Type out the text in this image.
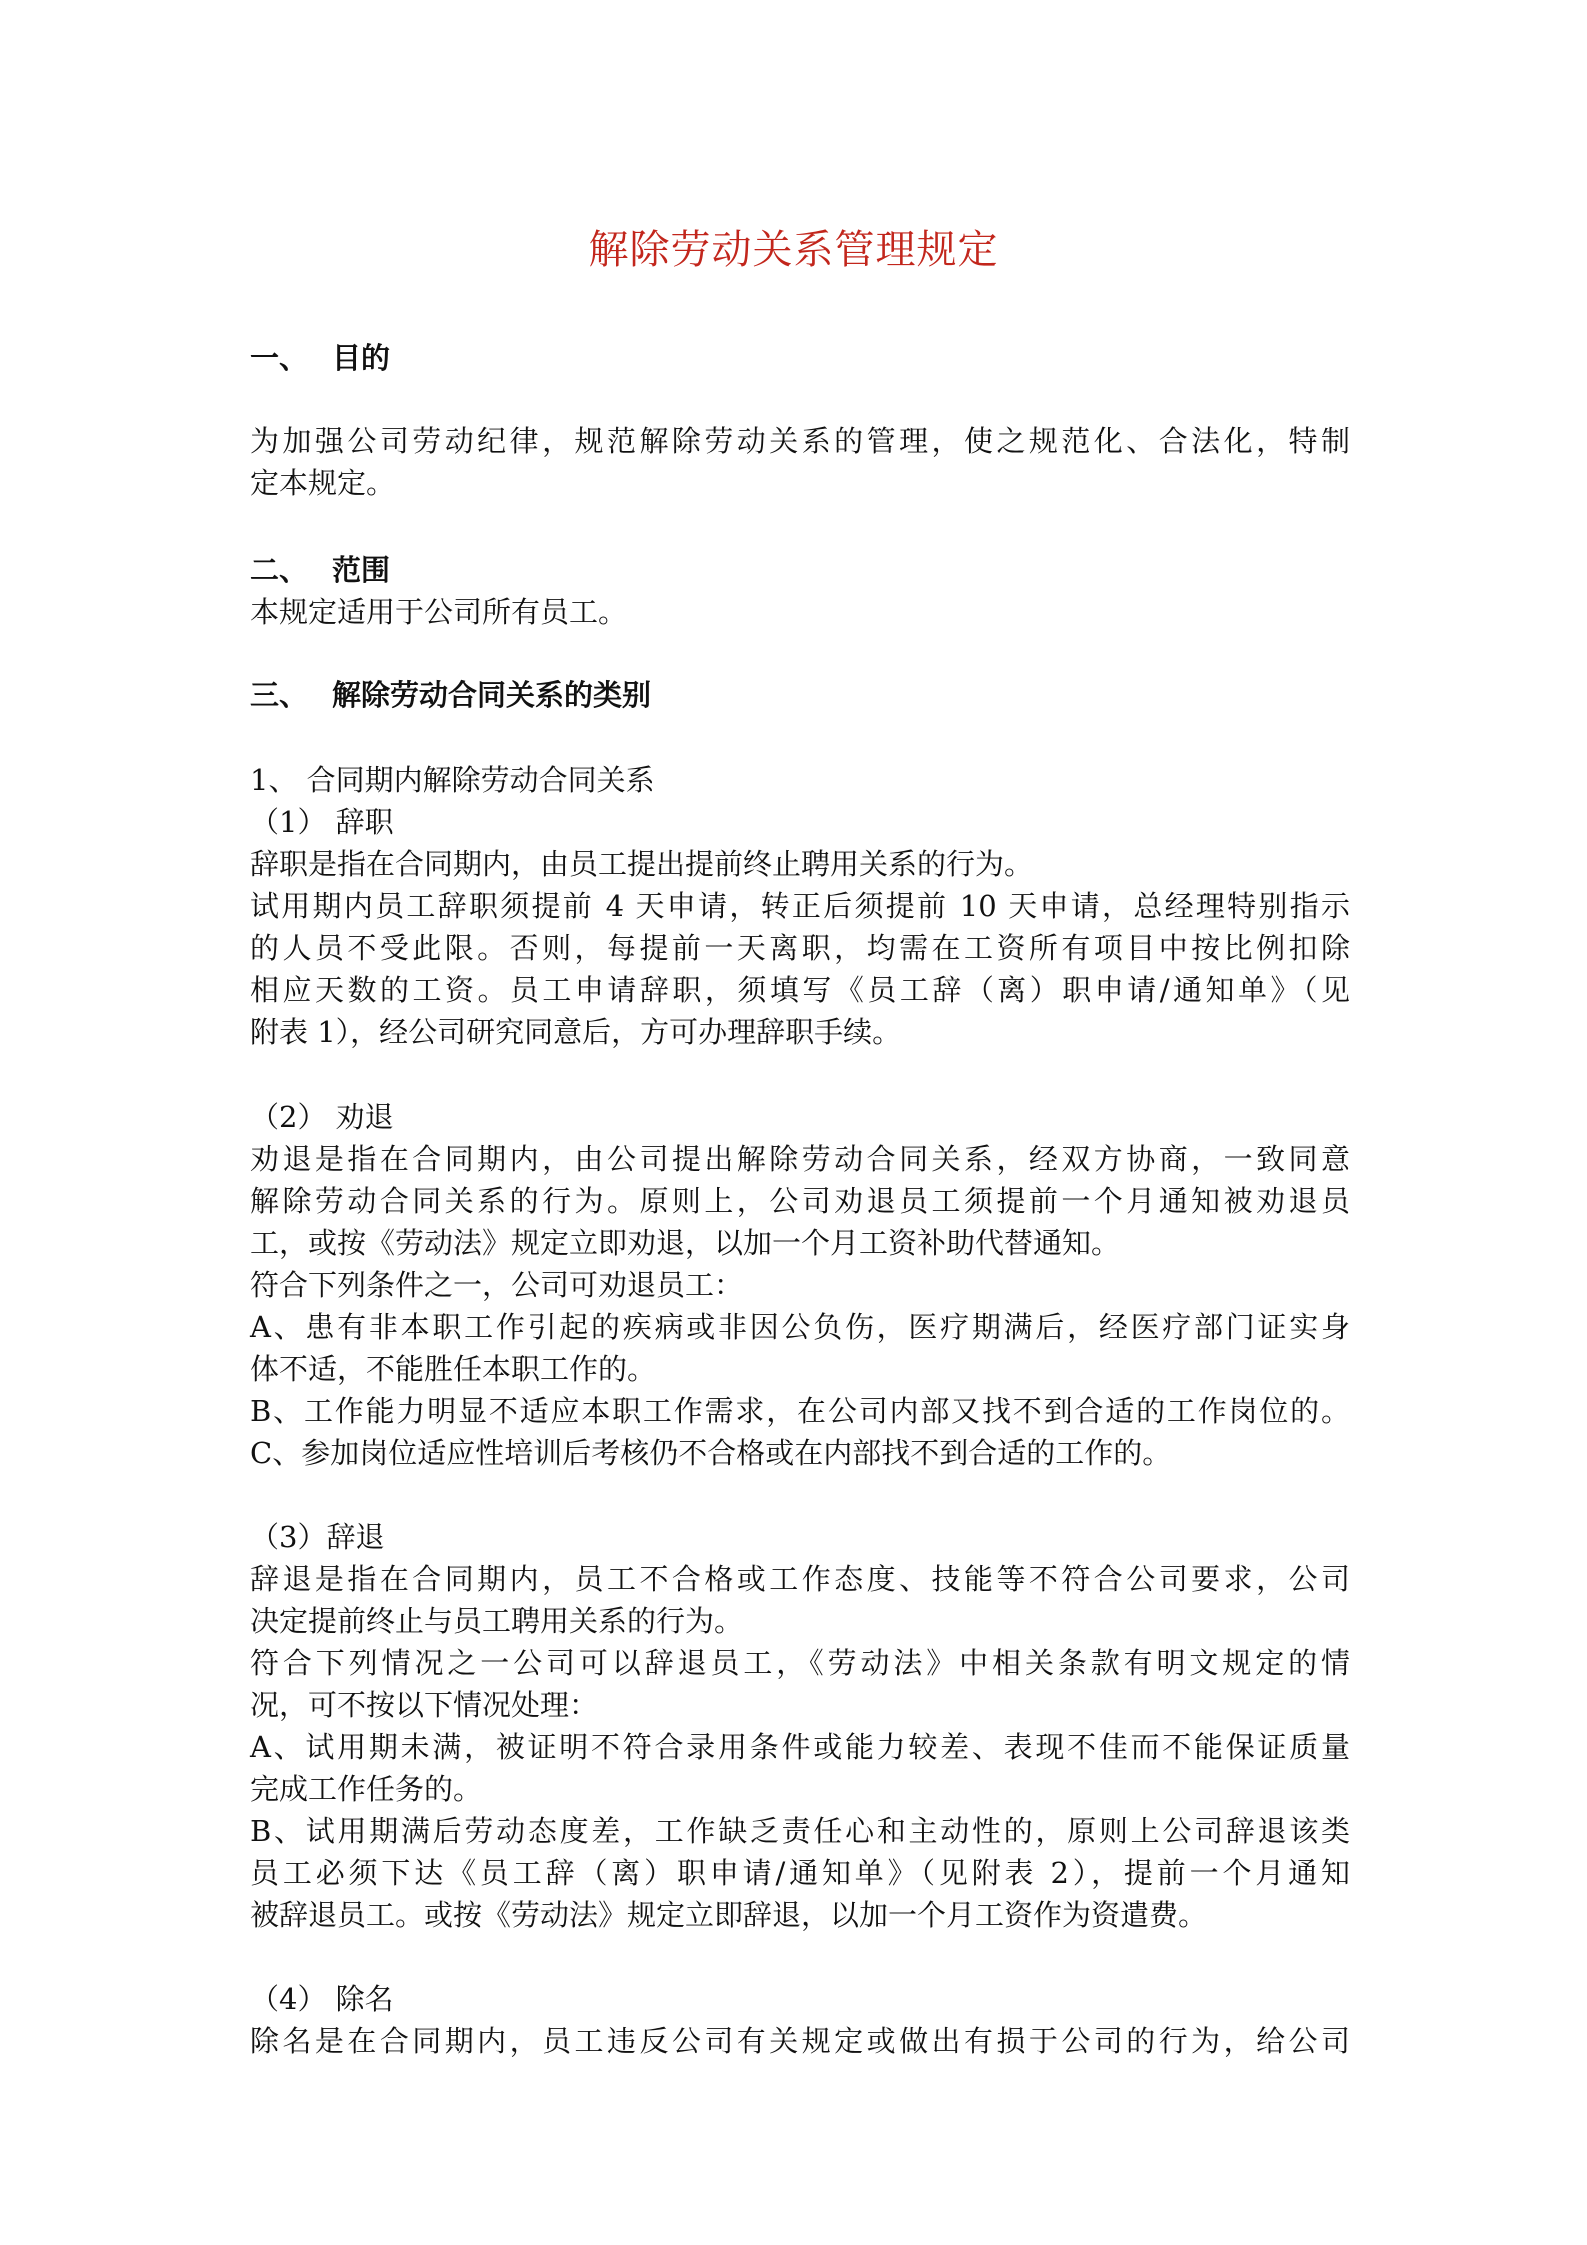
解除劳动关系管理规定
一、 目的
为加强公司劳动纪律，规范解除劳动关系的管理，使之规范化、合法化，特制
定本规定。
二、 范围
本规定适用于公司所有员工。
三、 解除劳动合同关系的类别
1、 合同期内解除劳动合同关系
（1） 辞职
辞职是指在合同期内，由员工提出提前终止聘用关系的行为。
试用期内员工辞职须提前 4 天申请，转正后须提前 10 天申请，总经理特别指示
的人员不受此限。否则，每提前一天离职，均需在工资所有项目中按比例扣除
相应天数的工资。员工申请辞职，须填写《员工辞（离）职申请/通知单》（见
附表 1），经公司研究同意后，方可办理辞职手续。
（2） 劝退
劝退是指在合同期内，由公司提出解除劳动合同关系，经双方协商，一致同意
解除劳动合同关系的行为。原则上，公司劝退员工须提前一个月通知被劝退员
工，或按《劳动法》规定立即劝退，以加一个月工资补助代替通知。
符合下列条件之一，公司可劝退员工：
A、患有非本职工作引起的疾病或非因公负伤，医疗期满后，经医疗部门证实身
体不适，不能胜任本职工作的。
B、工作能力明显不适应本职工作需求，在公司内部又找不到合适的工作岗位的。
C、参加岗位适应性培训后考核仍不合格或在内部找不到合适的工作的。
（3）辞退
辞退是指在合同期内，员工不合格或工作态度、技能等不符合公司要求，公司
决定提前终止与员工聘用关系的行为。
符合下列情况之一公司可以辞退员工，《劳动法》中相关条款有明文规定的情
况，可不按以下情况处理：
A、试用期未满，被证明不符合录用条件或能力较差、表现不佳而不能保证质量
完成工作任务的。
B、试用期满后劳动态度差，工作缺乏责任心和主动性的，原则上公司辞退该类
员工必须下达《员工辞（离）职申请/通知单》（见附表 2），提前一个月通知
被辞退员工。或按《劳动法》规定立即辞退，以加一个月工资作为资遣费。
（4） 除名
除名是在合同期内，员工违反公司有关规定或做出有损于公司的行为，给公司
